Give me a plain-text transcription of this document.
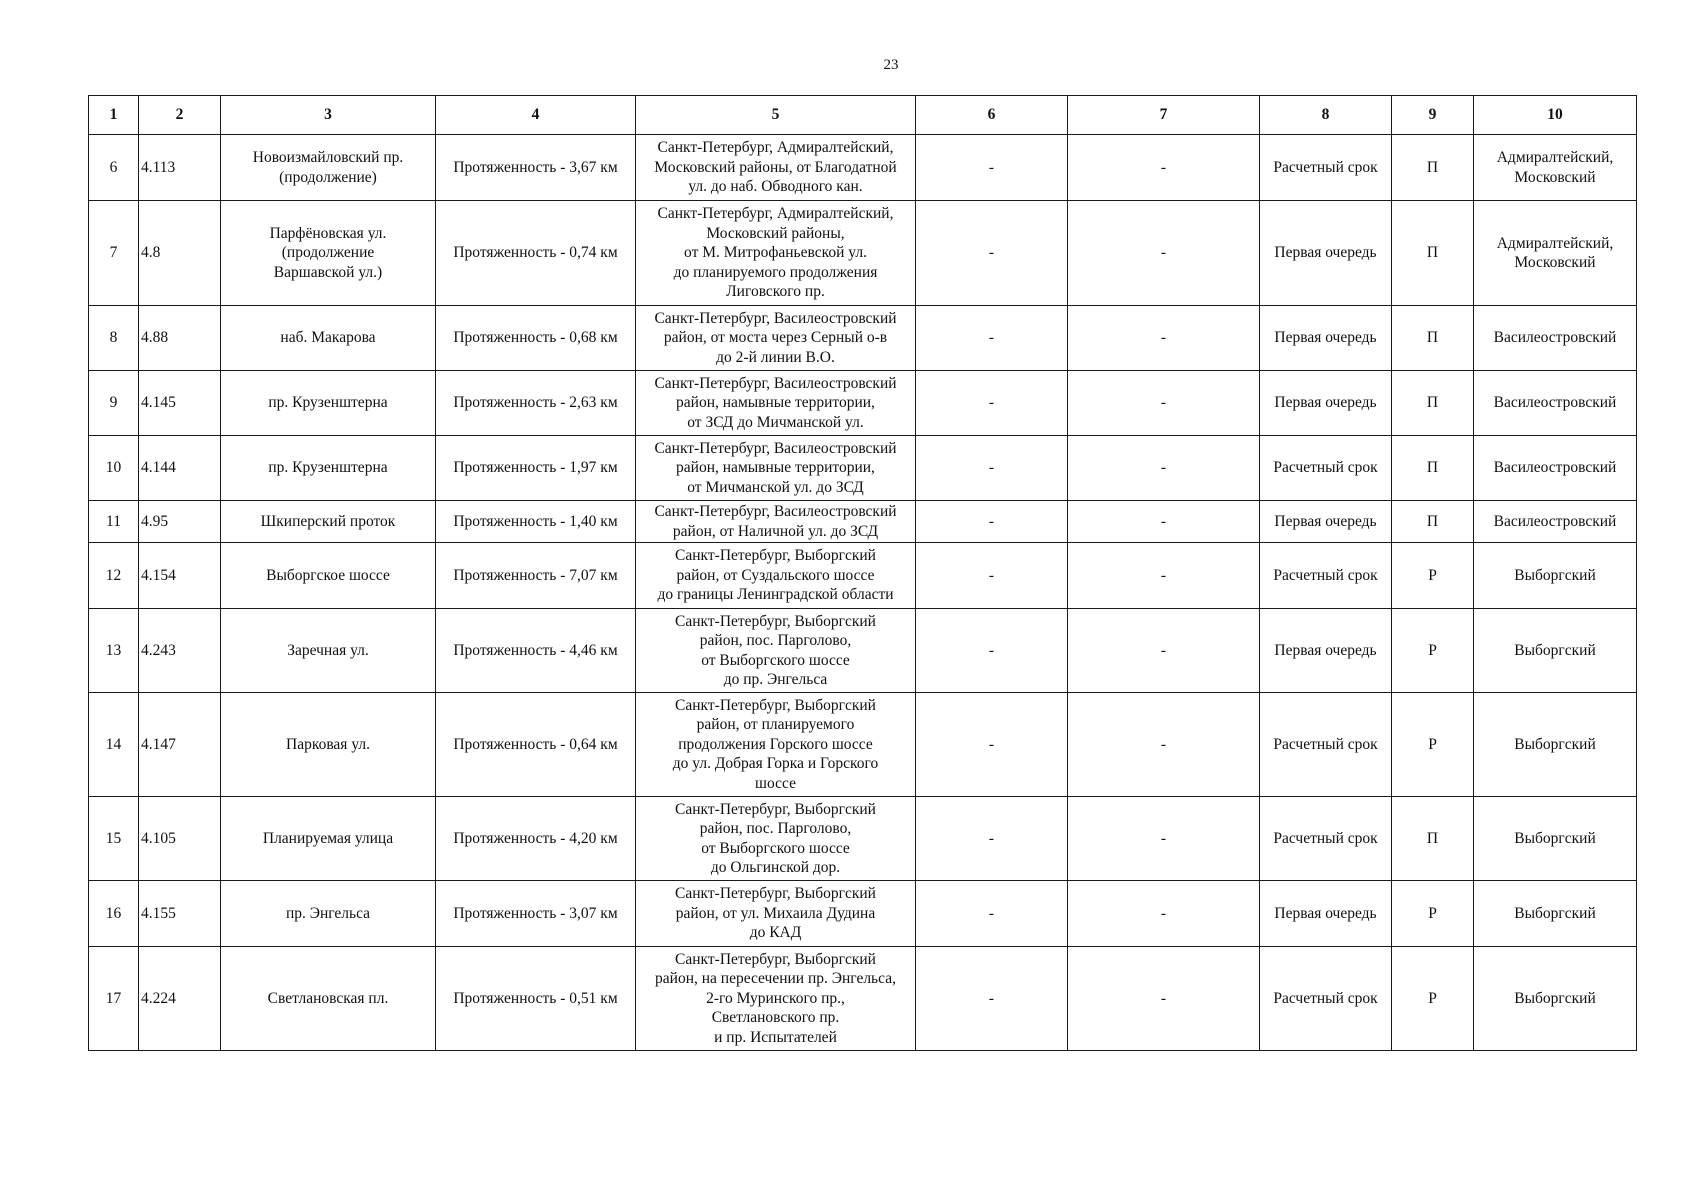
23
1	2	3	4	5	6	7	8	9	10
6	4.113	Новоизмайловский пр.
(продолжение)	Протяженность - 3,67 км	Санкт-Петербург, Адмиралтейский,
Московский районы, от Благодатной
ул. до наб. Обводного кан.	-	-	Расчетный срок	П	Адмиралтейский,
Московский

7	4.8	Парфёновская ул.
(продолжение
Варшавской ул.)	Протяженность - 0,74 км	Санкт-Петербург, Адмиралтейский,
Московский районы,
от М. Митрофаньевской ул.
до планируемого продолжения
Лиговского пр.	-	-	Первая очередь	П	Адмиралтейский,
Московский

8	4.88	наб. Макарова	Протяженность - 0,68 км	Санкт-Петербург, Василеостровский
район, от моста через Серный о-в
до 2-й линии В.О.	-	-	Первая очередь	П	Василеостровский

9	4.145	пр. Крузенштерна	Протяженность - 2,63 км	Санкт-Петербург, Василеостровский
район, намывные территории,
от ЗСД до Мичманской ул.	-	-	Первая очередь	П	Василеостровский

10	4.144	пр. Крузенштерна	Протяженность - 1,97 км	Санкт-Петербург, Василеостровский
район, намывные территории,
от Мичманской ул. до ЗСД	-	-	Расчетный срок	П	Василеостровский

11	4.95	Шкиперский проток	Протяженность - 1,40 км	Санкт-Петербург, Василеостровский
район, от Наличной ул. до ЗСД	-	-	Первая очередь	П	Василеостровский

12	4.154	Выборгское шоссе	Протяженность - 7,07 км	Санкт-Петербург, Выборгский
район, от Суздальского шоссе
до границы Ленинградской области	-	-	Расчетный срок	Р	Выборгский

13	4.243	Заречная ул.	Протяженность - 4,46 км	Санкт-Петербург, Выборгский
район, пос. Парголово,
от Выборгского шоссе
до пр. Энгельса	-	-	Первая очередь	Р	Выборгский

14	4.147	Парковая ул.	Протяженность - 0,64 км	Санкт-Петербург, Выборгский
район, от планируемого
продолжения Горского шоссе
до ул. Добрая Горка и Горского
шоссе	-	-	Расчетный срок	Р	Выборгский

15	4.105	Планируемая улица	Протяженность - 4,20 км	Санкт-Петербург, Выборгский
район, пос. Парголово,
от Выборгского шоссе
до Ольгинской дор.	-	-	Расчетный срок	П	Выборгский

16	4.155	пр. Энгельса	Протяженность - 3,07 км	Санкт-Петербург, Выборгский
район, от ул. Михаила Дудина
до КАД	-	-	Первая очередь	Р	Выборгский

17	4.224	Светлановская пл.	Протяженность - 0,51 км	Санкт-Петербург, Выборгский
район, на пересечении пр. Энгельса,
2-го Муринского пр.,
Светлановского пр.
и пр. Испытателей	-	-	Расчетный срок	Р	Выборгский
